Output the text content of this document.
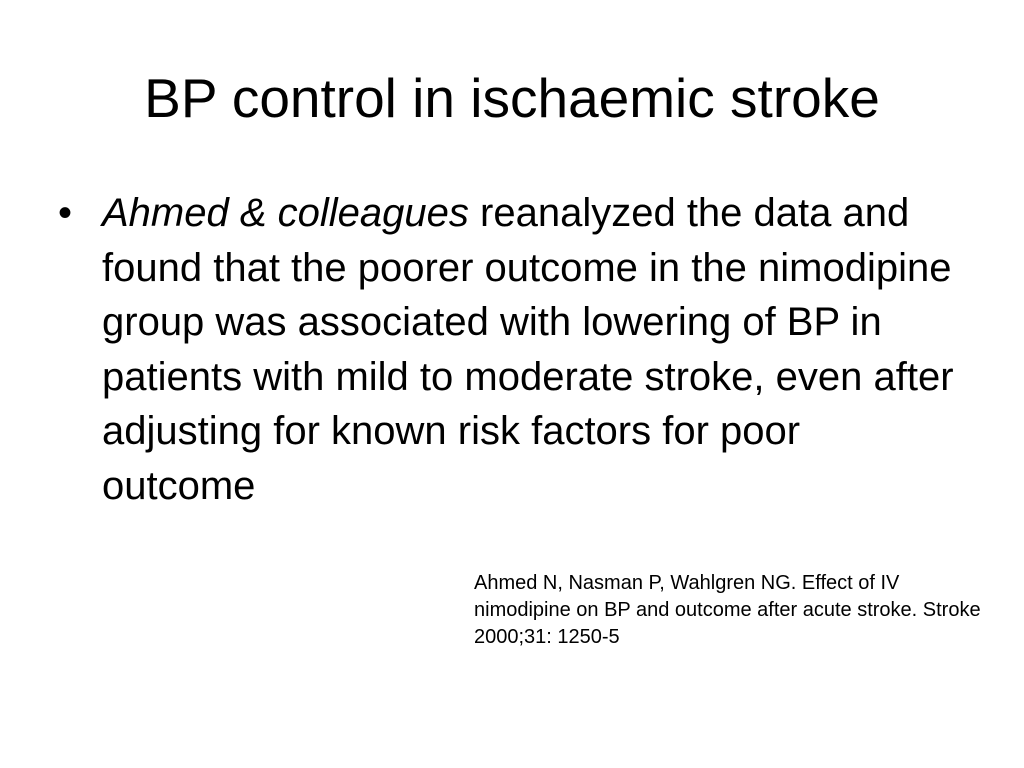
BP control in ischaemic stroke
• Ahmed & colleagues reanalyzed the data and found that the poorer outcome in the nimodipine group was associated with lowering of BP in patients with mild to moderate stroke, even after adjusting for known risk factors for poor outcome

Ahmed N, Nasman P, Wahlgren NG. Effect of IV nimodipine on BP and outcome after acute stroke. Stroke 2000;31: 1250-5
